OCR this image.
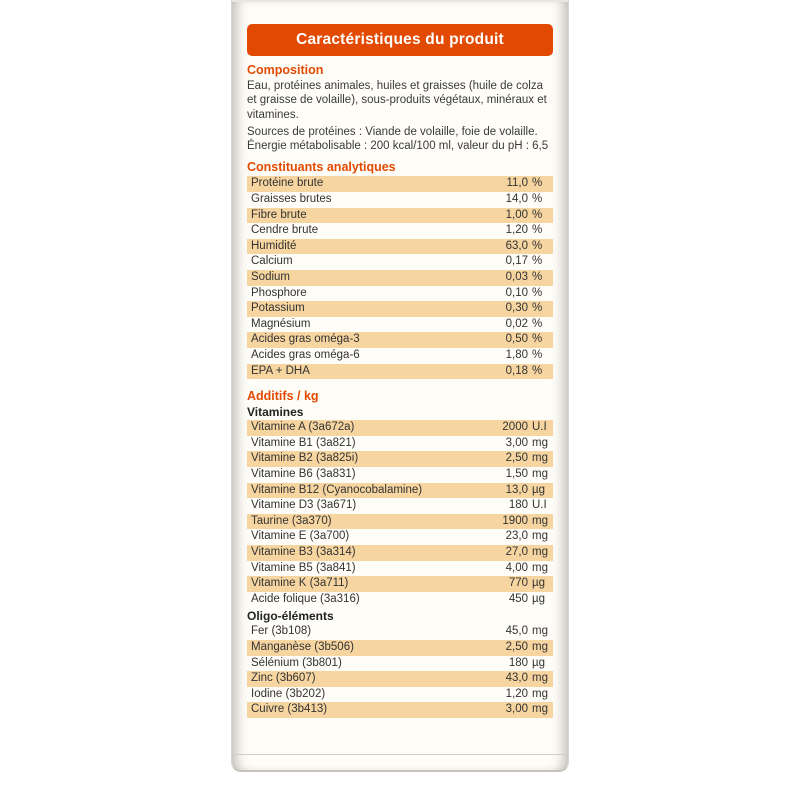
Caractéristiques du produit
Composition

Eau, protéines animales, huiles et graisses (huile de colza et graisse de volaille), sous-produits végétaux, minéraux et vitamines.

Sources de protéines : Viande de volaille, foie de volaille. Énergie métabolisable : 200 kcal/100 ml, valeur du pH : 6,5

Constituants analytiques
Protéine brute	11,0 %
Graisses brutes	14,0 %
Fibre brute	1,00 %
Cendre brute	1,20 %
Humidité	63,0 %
Calcium	0,17 %
Sodium	0,03 %
Phosphore	0,10 %
Potassium	0,30 %
Magnésium	0,02 %
Acides gras oméga-3	0,50 %
Acides gras oméga-6	1,80 %
EPA + DHA	0,18 %
Additifs / kg
Vitamines
Vitamine A (3a672a)	2000 U.I
Vitamine B1 (3a821)	3,00 mg
Vitamine B2 (3a825i)	2,50 mg
Vitamine B6 (3a831)	1,50 mg
Vitamine B12 (Cyanocobalamine)	13,0 µg
Vitamine D3 (3a671)	180 U.I
Taurine (3a370)	1900 mg
Vitamine E (3a700)	23,0 mg
Vitamine B3 (3a314)	27,0 mg
Vitamine B5 (3a841)	4,00 mg
Vitamine K (3a711)	770 µg
Acide folique (3a316)	450 µg
Oligo-éléments
Fer (3b108)	45,0 mg
Manganèse (3b506)	2,50 mg
Sélénium (3b801)	180 µg
Zinc (3b607)	43,0 mg
Iodine (3b202)	1,20 mg
Cuivre (3b413)	3,00 mg
